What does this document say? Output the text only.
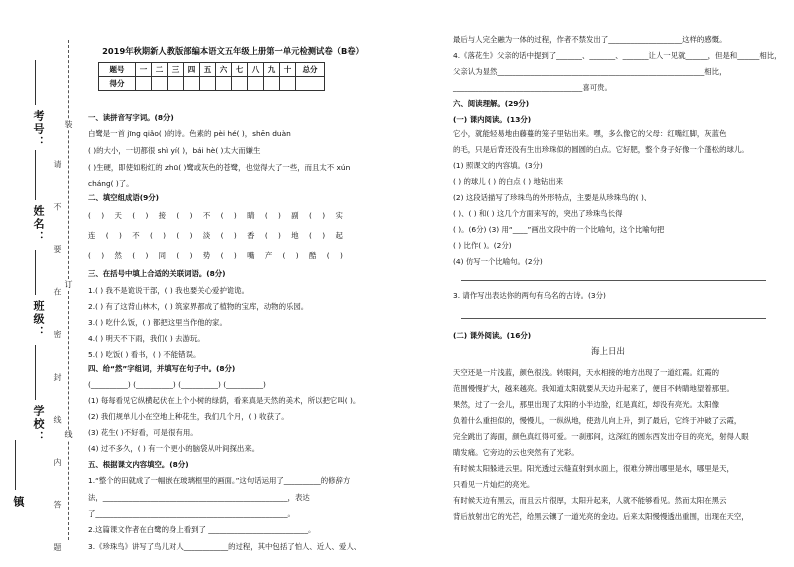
镇
考号：
姓名：
班级：
学校： 请 不 要 在 密 封 线 内 答 题
装
订
线
2019年秋期新人教版部编本语文五年级上册第一单元检测试卷（B卷）
题号	一	二	三	四	五	六	七	八	九	十	总分
得分											
一、读拼音写字词。(8分)
白鹭是一首 jīng qiǎo( )的诗。色素的 pèi hé( )，shēn duàn
( )的大小，一切都很 shì yí( )，bái hè( )太大而嫌生
( )生硬，即使如粉红的 zhū( )鹭或灰色的苍鹭，也觉得大了一些，而且太不 xún
chánɡ( )了。
二、填空组成语(9分)
( ) 天 ( ) 接 ( ) 不 ( ) 睛 ( ) 副 ( ) 实
连 ( ) 不 ( ) ( ) 淡 ( ) 香 ( ) 地 ( ) 起
( ) 然 ( ) 同 ( ) 势 ( ) 嘴 产 ( ) 酷 ( )
三、在括号中填上合适的关联词语。(8分)
1.( ) 我不是诡说干部，( ) 我也要关心爱护诡诡。
2.( ) 有了这背山林木，( ) 筑家界都成了植物的宝库，动物的乐园。
3.( ) 吃什么饭，( ) 都把这里当作他的家。
4.( ) 明天不下雨，我们( ) 去游玩。
5.( ) 吃饭( ) 看书，( ) 不能错误。
四、给“然”字组词，并填写在句子中。(8分)
(__________) (__________) (__________) (__________)
(1) 每每看见它纵横起伏在上个小树的绿荫，看来真是天然的美术，所以把它叫( )。
(2) 我们规单儿小在空地上种花生，我们几个月，( ) 收获了。
(3) 花生( )不好看，可是很有用。
(4) 过不多久，( ) 有一个更小的脑袋从叶间探出来。
五、根据课文内容填空。(8分)
1.“整个的田就成了一幅嵌在玻璃框里的画面。”这句话运用了__________的修辞方
法，__________________________________________________，表达
了____________________________________________________。
2.这篇课文作者在白鹭的身上看到了 ___________________________。
3.《珍珠鸟》讲写了鸟儿对人____________的过程，其中包括了怕人、近人、爱人、
最后与人完全融为一体的过程，作者不禁发出了____________________这样的感慨。
4.《落花生》父亲的话中提到了_______、_______、_______让人一见就______，但是和______相比，
父亲认为显然________________________________________________________相比，
___________________________________喜可贵。
六、阅读理解。(29分)
(一) 课内阅读。(13分)
它小，就能轻易地由藤蔓的笼子里钻出来。嘿，多么像它的父母：红嘴红脚，灰蓝色
的毛，只是后背还没有生出珍珠似的圆圆的白点。它好肥，整个身子好像一个蓬松的球儿。
(1) 照课文的内容填。(3分)
( ) 的球儿 ( ) 的白点 ( ) 地钻出来
(2) 这段话描写了珍珠鸟的外形特点，主要是从珍珠鸟的( )、
( )、( ) 和( ) 这几个方面来写的，突出了珍珠鸟长得
( )。(6分) (3) 用“____”画出文段中的一个比喻句，这个比喻句把
( ) 比作( )。(2分)
(4) 仿写一个比喻句。(2分)
3. 请作写出表达你的两句有乌名的古诗。(3分)
(二) 课外阅读。(16分)
海上日出
天空还是一片浅蓝，颜色很浅。转眼间，天水相接的地方出现了一道红霞。红霞的
范围慢慢扩大，越来越亮。我知道太阳就要从天边升起来了，便目不转睛地望着那里。
果然，过了一会儿，那里出现了太阳的小半边脸，红是真红，却没有亮光。太阳像
负着什么重担似的，慢慢儿，一纵纵地，使劲儿向上升，到了最后，它终于冲破了云霞，
完全跳出了海面，颜色真红得可爱。一刹那间，这深红的圆东西发出夺目的亮光，射得人眼
睛发痛。它旁边的云也突然有了光彩。
有时候太阳躲进云里。阳光透过云缝直射到水面上，很难分辨出哪里是水，哪里是天，
只看见一片灿烂的亮光。
有时候天边有黑云，而且云片很厚，太阳升起来，人就不能够看见。然而太阳在黑云
背后放射出它的光芒，给黑云镶了一道光亮的金边。后来太阳慢慢透出重围，出现在天空，
